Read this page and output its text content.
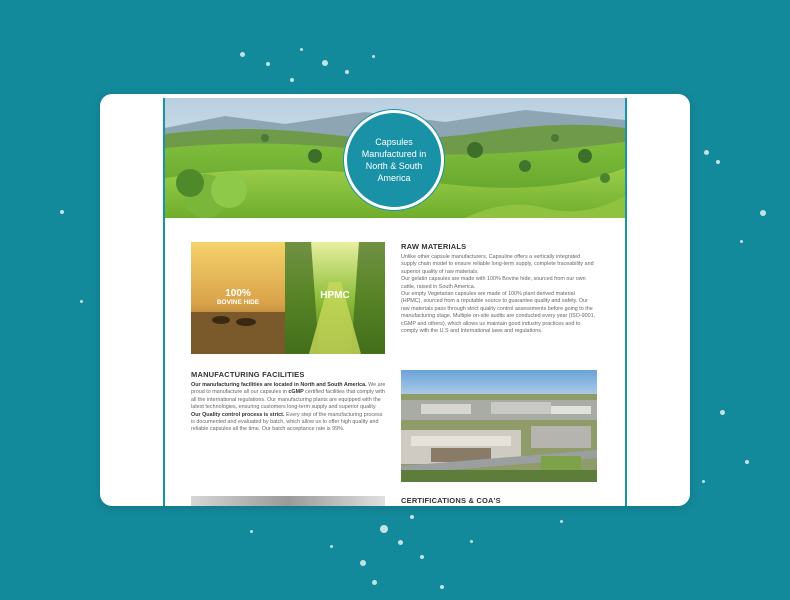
Capsules Manufactured in North & South America
100%
BOVINE HIDE
HPMC
RAW MATERIALS

Unlike other capsule manufacturers, Capsuline offers a vertically integrated supply chain model to ensure reliable long-term supply, complete traceability and superior quality of raw materials.

Our gelatin capsules are made with 100% Bovine hide, sourced from our own cattle, raised in South America.

Our empty Vegetarian capsules are made of 100% plant derived material (HPMC), sourced from a reputable source to guarantee quality and safety. Our raw materials pass through strict quality control assessments before going to the manufacturing stage. Multiple on-site audits are conducted every year (ISO-9001, cGMP and others), which allows us maintain good industry practices and to comply with the U.S and International laws and regulations.

MANUFACTURING FACILITIES

Our manufacturing facilities are located in North and South America. We are proud to manufacture all our capsules in cGMP certified facilities that comply with all the international regulations. Our manufacturing plants are equipped with the latest technologies, ensuring customers long-term supply and superior quality.

Our Quality control process is strict. Every step of the manufacturing process is documented and evaluated by batch, which allow us to offer high quality and reliable capsules all the time. Our batch acceptance rate is 99%.

CERTIFICATIONS & COA'S
